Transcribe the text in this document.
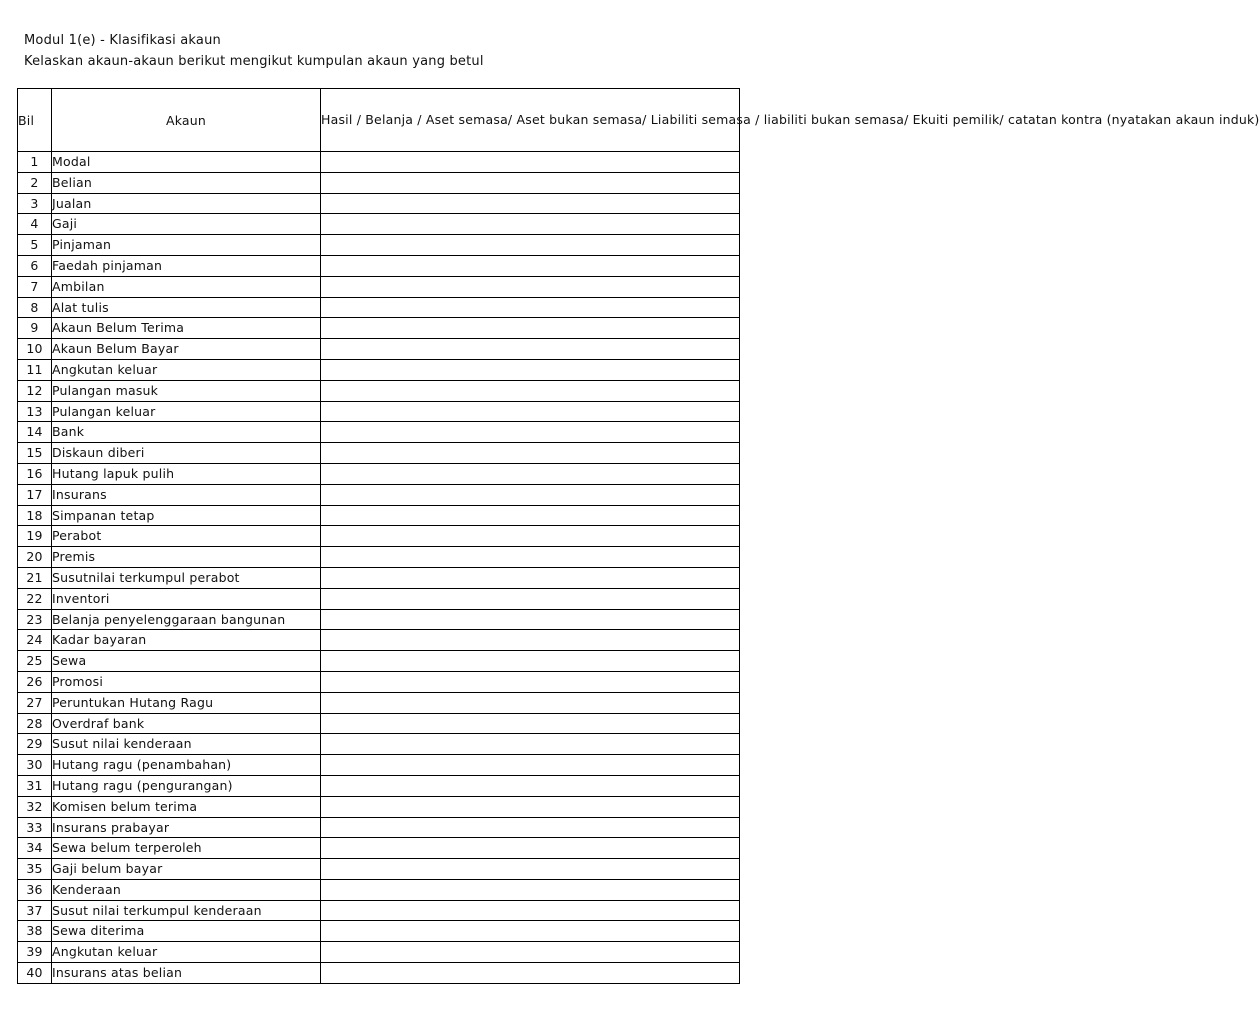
Modul 1(e) - Klasifikasi akaun
Kelaskan akaun-akaun berikut mengikut kumpulan akaun yang betul
Bil	Akaun	Hasil / Belanja / Aset semasa/ Aset bukan semasa/ Liabiliti semasa / liabiliti bukan semasa/ Ekuiti pemilik/ catatan kontra (nyatakan akaun induk)
1	Modal	
2	Belian	
3	Jualan	
4	Gaji	
5	Pinjaman	
6	Faedah pinjaman	
7	Ambilan	
8	Alat tulis	
9	Akaun Belum Terima	
10	Akaun Belum Bayar	
11	Angkutan keluar	
12	Pulangan masuk	
13	Pulangan keluar	
14	Bank	
15	Diskaun diberi	
16	Hutang lapuk pulih	
17	Insurans	
18	Simpanan tetap	
19	Perabot	
20	Premis	
21	Susutnilai terkumpul perabot	
22	Inventori	
23	Belanja penyelenggaraan bangunan	
24	Kadar bayaran	
25	Sewa	
26	Promosi	
27	Peruntukan Hutang Ragu	
28	Overdraf bank	
29	Susut nilai kenderaan	
30	Hutang ragu (penambahan)	
31	Hutang ragu (pengurangan)	
32	Komisen belum terima	
33	Insurans prabayar	
34	Sewa belum terperoleh	
35	Gaji belum bayar	
36	Kenderaan	
37	Susut nilai terkumpul kenderaan	
38	Sewa diterima	
39	Angkutan keluar	
40	Insurans atas belian	
